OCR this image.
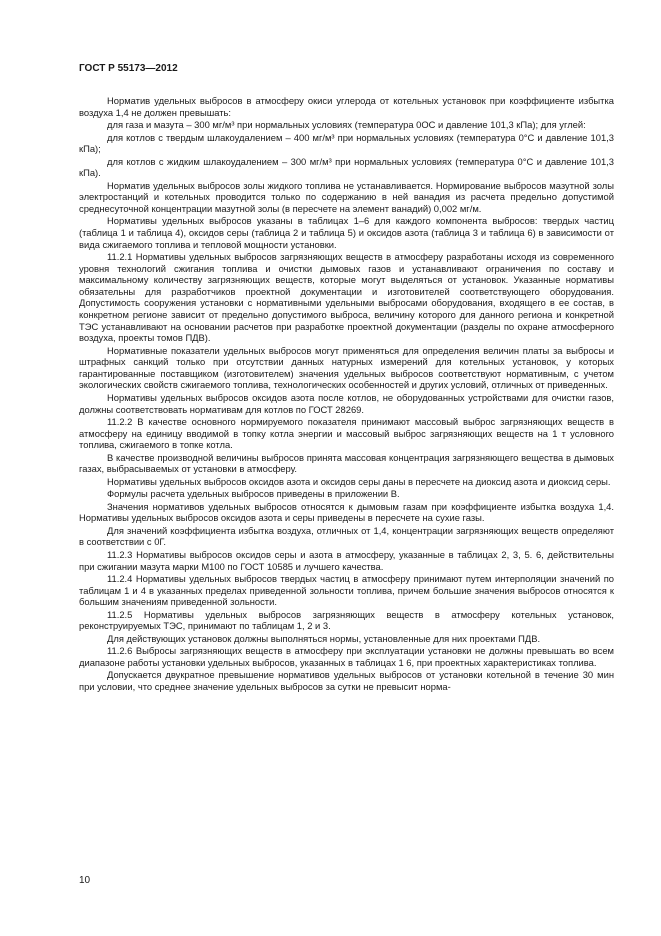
ГОСТ Р 55173—2012

Норматив удельных выбросов в атмосферу окиси углерода от котельных установок при коэффициенте избытка воздуха 1,4 не должен превышать:

для газа и мазута – 300 мг/м³ при нормальных условиях (температура 0ОС и давление 101,3 кПа); для углей:

для котлов с твердым шлакоудалением – 400 мг/м³ при нормальных условиях (температура 0°С и давление 101,3 кПа);

для котлов с жидким шлакоудалением – 300 мг/м³ при нормальных условиях (температура 0°С и давление 101,3 кПа).

Норматив удельных выбросов золы жидкого топлива не устанавливается. Нормирование выбросов мазутной золы электростанций и котельных проводится только по содержанию в ней ванадия из расчета предельно допустимой среднесуточной концентрации мазутной золы (в пересчете на элемент ванадий) 0,002 мг/м.

Нормативы удельных выбросов указаны в таблицах 1–6 для каждого компонента выбросов: твердых частиц (таблица 1 и таблица 4), оксидов серы (таблица 2 и таблица 5) и оксидов азота (таблица 3 и таблица 6) в зависимости от вида сжигаемого топлива и тепловой мощности установки.

11.2.1 Нормативы удельных выбросов загрязняющих веществ в атмосферу разработаны исходя из современного уровня технологий сжигания топлива и очистки дымовых газов и устанавливают ограничения по составу и максимальному количеству загрязняющих веществ, которые могут выделяться от установок. Указанные нормативы обязательны для разработчиков проектной документации и изготовителей соответствующего оборудования. Допустимость сооружения установки с нормативными удельными выбросами оборудования, входящего в ее состав, в конкретном регионе зависит от предельно допустимого выброса, величину которого для данного региона и конкретной ТЭС устанавливают на основании расчетов при разработке проектной документации (разделы по охране атмосферного воздуха, проекты томов ПДВ).

Нормативные показатели удельных выбросов могут применяться для определения величин платы за выбросы и штрафных санкций только при отсутствии данных натурных измерений для котельных установок, у которых гарантированные поставщиком (изготовителем) значения удельных выбросов соответствуют нормативным, с учетом экологических свойств сжигаемого топлива, технологических особенностей и других условий, отличных от приведенных.

Нормативы удельных выбросов оксидов азота после котлов, не оборудованных устройствами для очистки газов, должны соответствовать нормативам для котлов по ГОСТ 28269.

11.2.2 В качестве основного нормируемого показателя принимают массовый выброс загрязняющих веществ в атмосферу на единицу вводимой в топку котла энергии и массовый выброс загрязняющих веществ на 1 т условного топлива, сжигаемого в топке котла.

В качестве производной величины выбросов принята массовая концентрация загрязняющего вещества в дымовых газах, выбрасываемых от установки в атмосферу.

Нормативы удельных выбросов оксидов азота и оксидов серы даны в пересчете на диоксид азота и диоксид серы.

Формулы расчета удельных выбросов приведены в приложении В.

Значения нормативов удельных выбросов относятся к дымовым газам при коэффициенте избытка воздуха 1,4. Нормативы удельных выбросов оксидов азота и серы приведены в пересчете на сухие газы.

Для значений коэффициента избытка воздуха, отличных от 1,4, концентрации загрязняющих веществ определяют в соответствии с 0Г.

11.2.3 Нормативы выбросов оксидов серы и азота в атмосферу, указанные в таблицах 2, 3, 5. 6, действительны при сжигании мазута марки М100 по ГОСТ 10585 и лучшего качества.

11.2.4 Нормативы удельных выбросов твердых частиц в атмосферу принимают путем интерполяции значений по таблицам 1 и 4 в указанных пределах приведенной зольности топлива, причем большие значения выбросов относятся к большим значениям приведенной зольности.

11.2.5 Нормативы удельных выбросов загрязняющих веществ в атмосферу котельных установок, реконструируемых ТЭС, принимают по таблицам 1, 2 и 3.

Для действующих установок должны выполняться нормы, установленные для них проектами ПДВ.

11.2.6 Выбросы загрязняющих веществ в атмосферу при эксплуатации установки не должны превышать во всем диапазоне работы установки удельных выбросов, указанных в таблицах 1 6, при проектных характеристиках топлива.

Допускается двукратное превышение нормативов удельных выбросов от установки котельной в течение 30 мин при условии, что среднее значение удельных выбросов за сутки не превысит норма-

10
